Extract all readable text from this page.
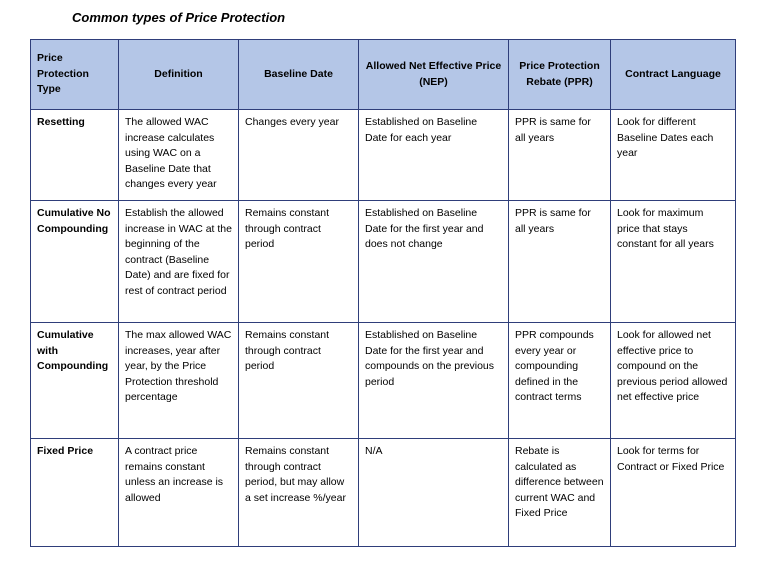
Common types of Price Protection
Price Protection Type	Definition	Baseline Date	Allowed Net Effective Price (NEP)	Price Protection Rebate (PPR)	Contract Language
Resetting	The allowed WAC increase calculates using WAC on a Baseline Date that changes every year	Changes every year	Established on Baseline Date for each year	PPR is same for all years	Look for different Baseline Dates each year
Cumulative No Compounding	Establish the allowed increase in WAC at the beginning of the contract (Baseline Date) and are fixed for rest of contract period	Remains constant through contract period	Established on Baseline Date for the first year and does not change	PPR is same for all years	Look for maximum price that stays constant for all years
Cumulative with Compounding	The max allowed WAC increases, year after year, by the Price Protection threshold percentage	Remains constant through contract period	Established on Baseline Date for the first year and compounds on the previous period	PPR compounds every year or compounding defined in the contract terms	Look for allowed net effective price to compound on the previous period allowed net effective price
Fixed Price	A contract price remains constant unless an increase is allowed	Remains constant through contract period, but may allow a set increase %/year	N/A	Rebate is calculated as difference between current WAC and Fixed Price	Look for terms for Contract or Fixed Price
